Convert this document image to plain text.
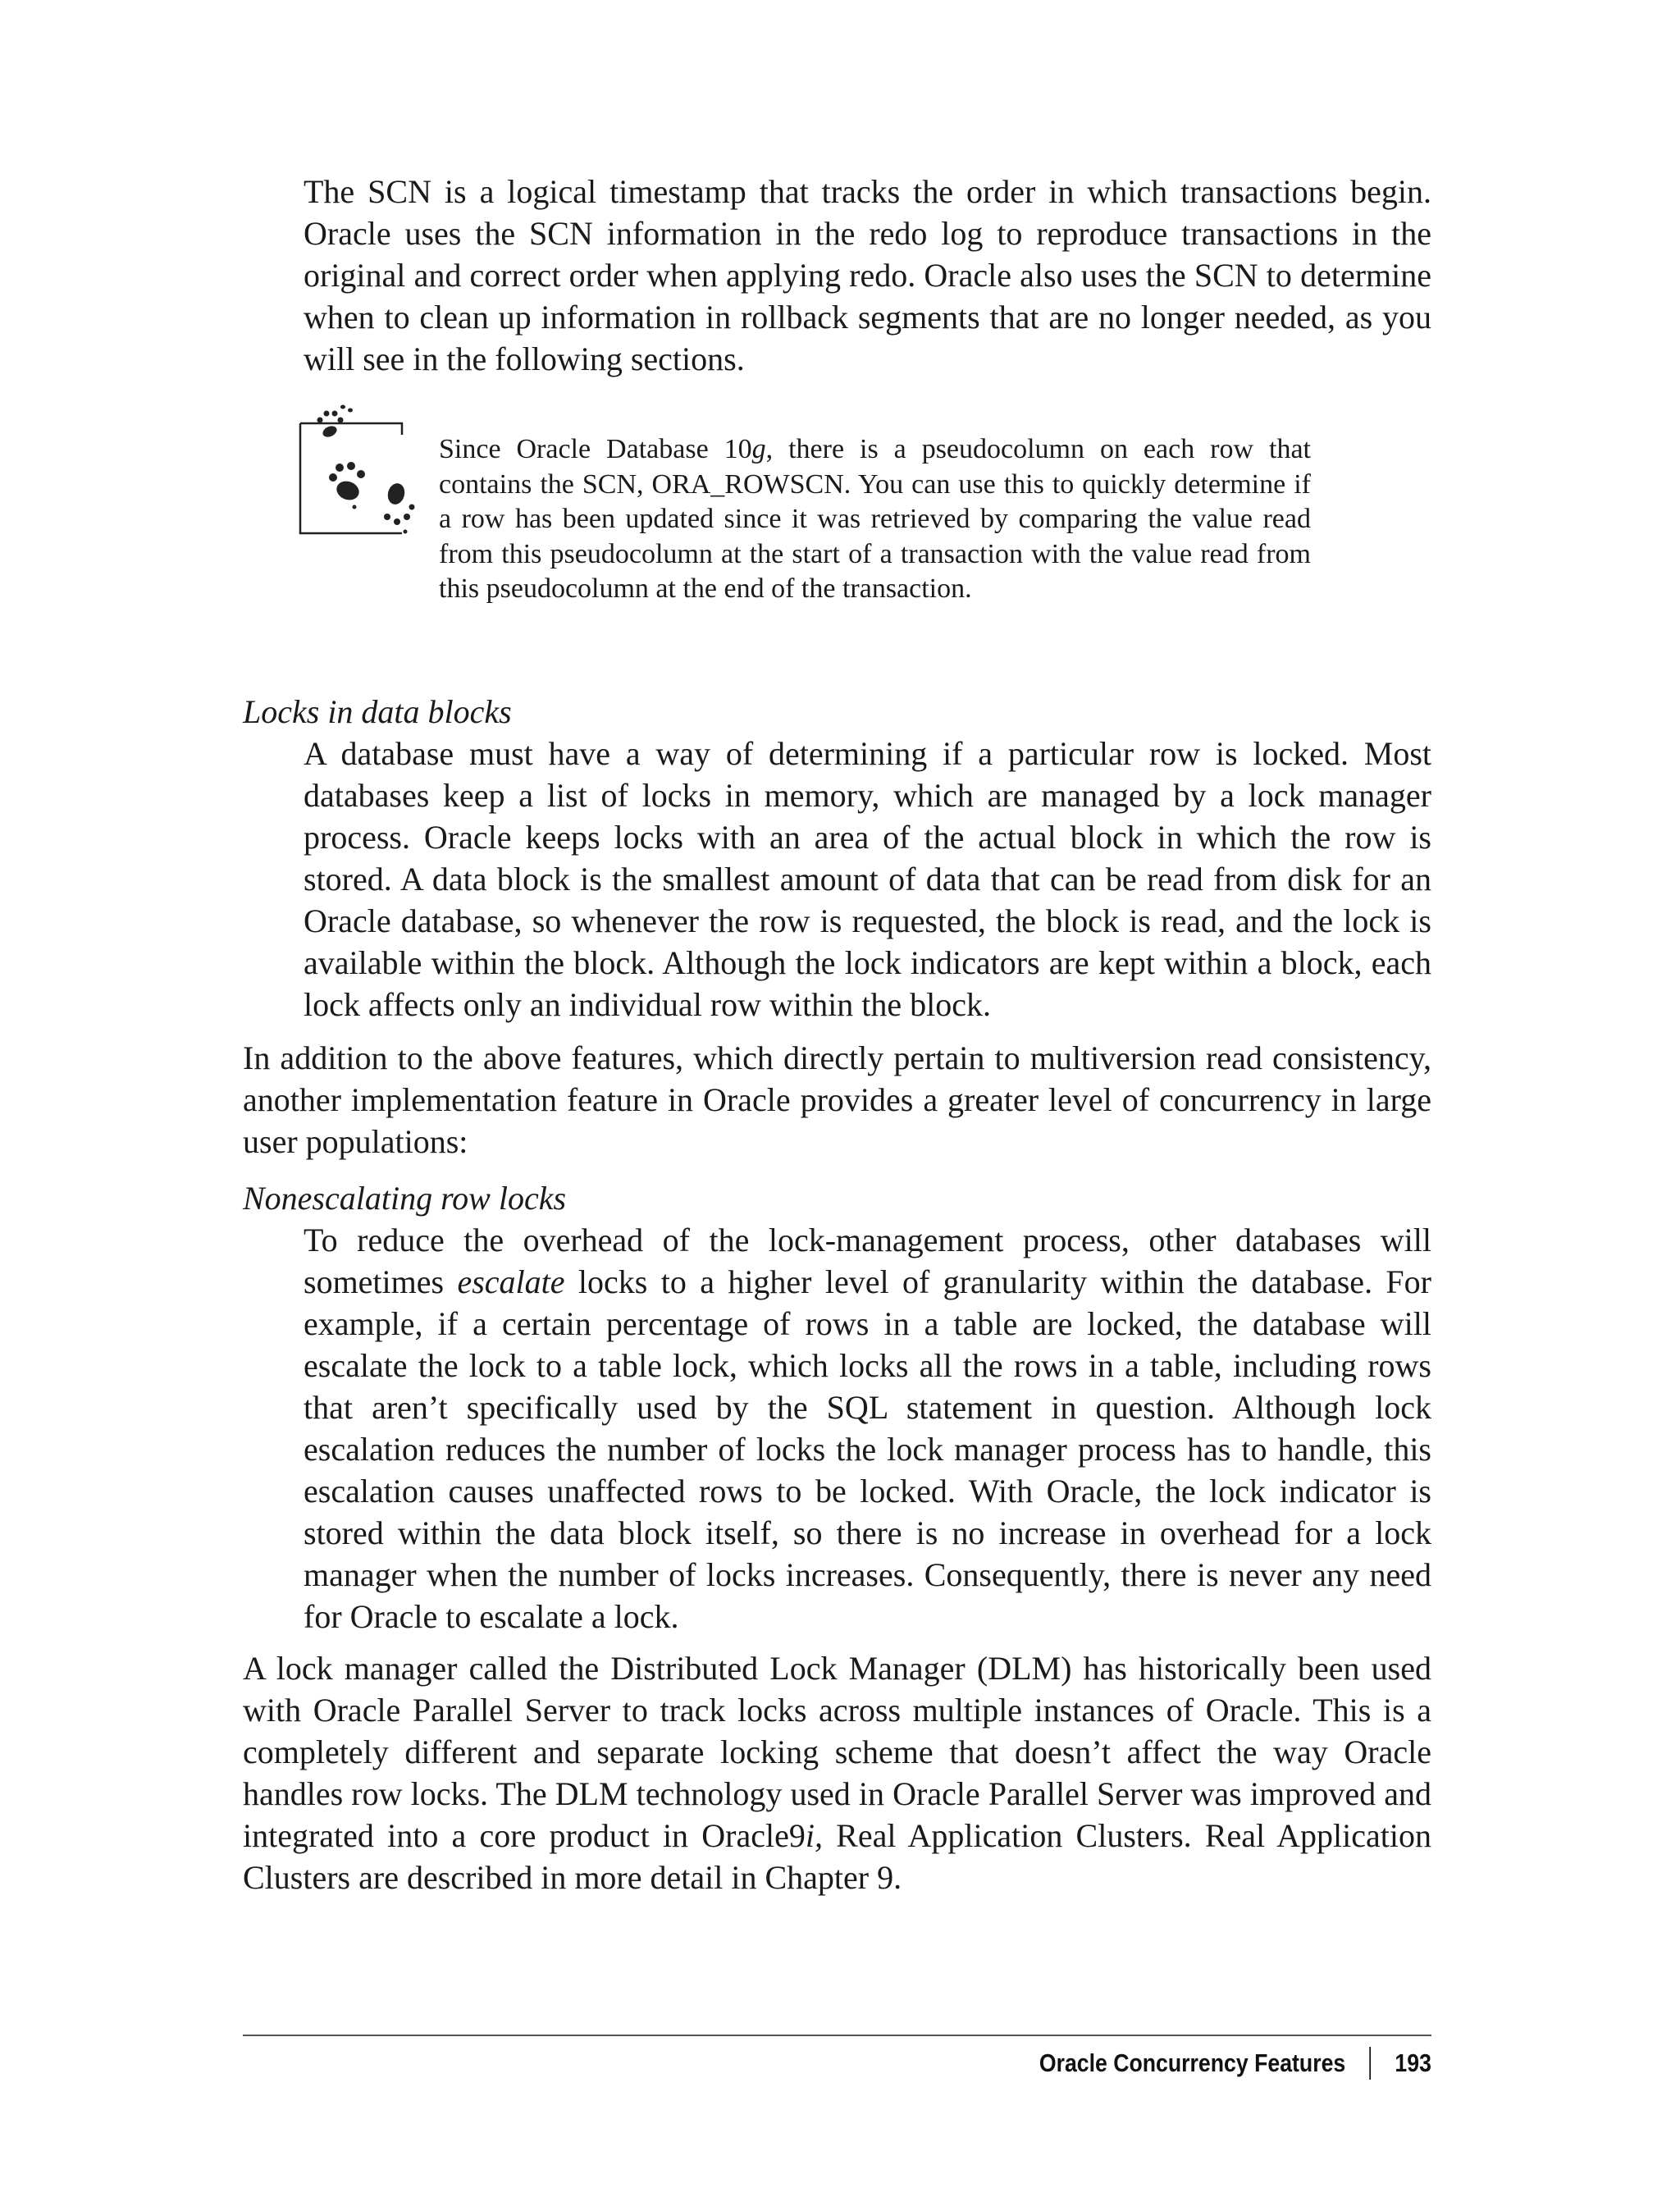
The SCN is a logical timestamp that tracks the order in which transactions begin. Oracle uses the SCN information in the redo log to reproduce transactions in the original and correct order when applying redo. Oracle also uses the SCN to determine when to clean up information in rollback segments that are no longer needed, as you will see in the following sections.

Since Oracle Database 10g, there is a pseudocolumn on each row that contains the SCN, ORA_ROWSCN. You can use this to quickly determine if a row has been updated since it was retrieved by comparing the value read from this pseudocolumn at the start of a transaction with the value read from this pseudocolumn at the end of the transaction.

Locks in data blocks

A database must have a way of determining if a particular row is locked. Most databases keep a list of locks in memory, which are managed by a lock manager process. Oracle keeps locks with an area of the actual block in which the row is stored. A data block is the smallest amount of data that can be read from disk for an Oracle database, so whenever the row is requested, the block is read, and the lock is available within the block. Although the lock indicators are kept within a block, each lock affects only an individual row within the block.

In addition to the above features, which directly pertain to multiversion read consistency, another implementation feature in Oracle provides a greater level of concurrency in large user populations:

Nonescalating row locks

To reduce the overhead of the lock-management process, other databases will sometimes escalate locks to a higher level of granularity within the database. For example, if a certain percentage of rows in a table are locked, the database will escalate the lock to a table lock, which locks all the rows in a table, including rows that aren’t specifically used by the SQL statement in question. Although lock escalation reduces the number of locks the lock manager process has to handle, this escalation causes unaffected rows to be locked. With Oracle, the lock indicator is stored within the data block itself, so there is no increase in overhead for a lock manager when the number of locks increases. Consequently, there is never any need for Oracle to escalate a lock.

A lock manager called the Distributed Lock Manager (DLM) has historically been used with Oracle Parallel Server to track locks across multiple instances of Oracle. This is a completely different and separate locking scheme that doesn’t affect the way Oracle handles row locks. The DLM technology used in Oracle Parallel Server was improved and integrated into a core product in Oracle9i, Real Application Clusters. Real Application Clusters are described in more detail in Chapter 9.

Oracle Concurrency Features 193
